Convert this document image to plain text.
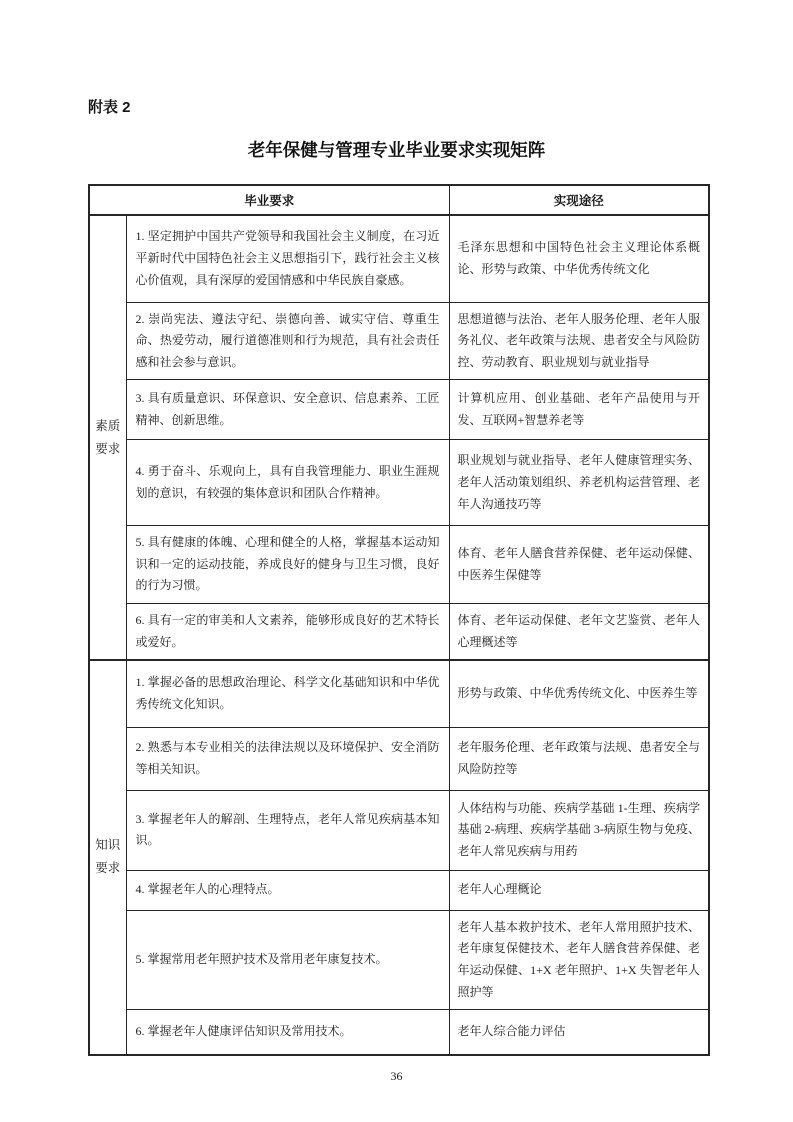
附表 2

老年保健与管理专业毕业要求实现矩阵
毕业要求		实现途径
素质要求	1. 坚定拥护中国共产党领导和我国社会主义制度，在习近平新时代中国特色社会主义思想指引下，践行社会主义核心价值观，具有深厚的爱国情感和中华民族自豪感。	毛泽东思想和中国特色社会主义理论体系概论、形势与政策、中华优秀传统文化
	2. 崇尚宪法、遵法守纪、崇德向善、诚实守信、尊重生命、热爱劳动，履行道德准则和行为规范，具有社会责任感和社会参与意识。	思想道德与法治、老年人服务伦理、老年人服务礼仪、老年政策与法规、患者安全与风险防控、劳动教育、职业规划与就业指导
	3. 具有质量意识、环保意识、安全意识、信息素养、工匠精神、创新思维。	计算机应用、创业基础、老年产品使用与开发、互联网+智慧养老等
	4. 勇于奋斗、乐观向上，具有自我管理能力、职业生涯规划的意识，有较强的集体意识和团队合作精神。	职业规划与就业指导、老年人健康管理实务、老年人活动策划组织、养老机构运营管理、老年人沟通技巧等
	5. 具有健康的体魄、心理和健全的人格，掌握基本运动知识和一定的运动技能，养成良好的健身与卫生习惯，良好的行为习惯。	体育、老年人膳食营养保健、老年运动保健、中医养生保健等
	6. 具有一定的审美和人文素养，能够形成良好的艺术特长或爱好。	体育、老年运动保健、老年文艺鉴赏、老年人心理概述等
知识要求	1. 掌握必备的思想政治理论、科学文化基础知识和中华优秀传统文化知识。	形势与政策、中华优秀传统文化、中医养生等
	2. 熟悉与本专业相关的法律法规以及环境保护、安全消防等相关知识。	老年服务伦理、老年政策与法规、患者安全与风险防控等
	3. 掌握老年人的解剖、生理特点，老年人常见疾病基本知识。	人体结构与功能、疾病学基础 1-生理、疾病学基础 2-病理、疾病学基础 3-病原生物与免疫、老年人常见疾病与用药
	4. 掌握老年人的心理特点。	老年人心理概论
	5. 掌握常用老年照护技术及常用老年康复技术。	老年人基本救护技术、老年人常用照护技术、老年康复保健技术、老年人膳食营养保健、老年运动保健、1+X 老年照护、1+X 失智老年人照护等
	6. 掌握老年人健康评估知识及常用技术。	老年人综合能力评估
36
